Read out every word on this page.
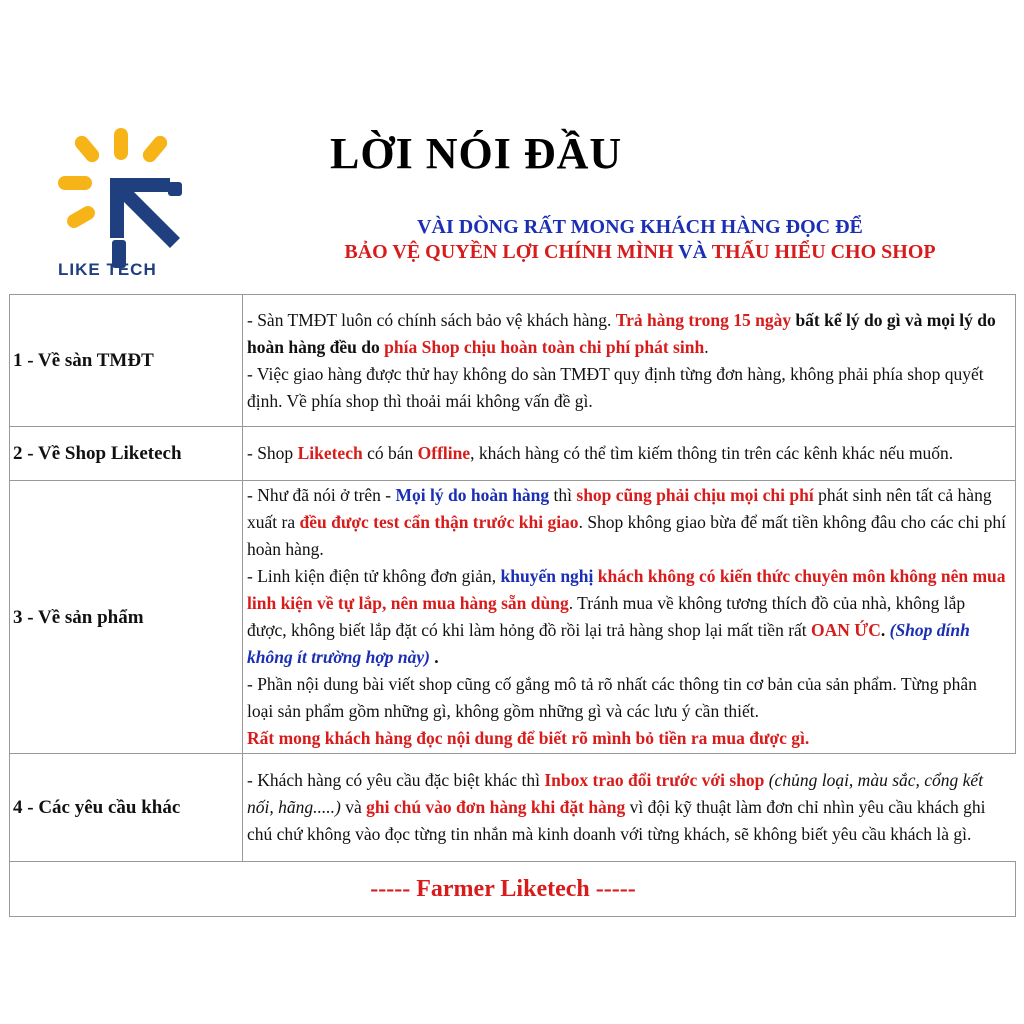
LIKE TECH
LỜI NÓI ĐẦU
VÀI DÒNG RẤT MONG KHÁCH HÀNG ĐỌC ĐỂ
BẢO VỆ QUYỀN LỢI CHÍNH MÌNH VÀ THẤU HIỂU CHO SHOP
1 - Về sàn TMĐT	- Sàn TMĐT luôn có chính sách bảo vệ khách hàng. Trả hàng trong 15 ngày bất kể lý do gì và mọi lý do hoàn hàng đều do phía Shop chịu hoàn toàn chi phí phát sinh.

- Việc giao hàng được thử hay không do sàn TMĐT quy định từng đơn hàng, không phải phía shop quyết định. Về phía shop thì thoải mái không vấn đề gì.

2 - Về Shop Liketech	- Shop Liketech có bán Offline, khách hàng có thể tìm kiếm thông tin trên các kênh khác nếu muốn.

3 - Về sản phẩm	- Như đã nói ở trên - Mọi lý do hoàn hàng thì shop cũng phải chịu mọi chi phí phát sinh nên tất cả hàng xuất ra đều được test cẩn thận trước khi giao. Shop không giao bừa để mất tiền không đâu cho các chi phí hoàn hàng.

- Linh kiện điện tử không đơn giản, khuyến nghị khách không có kiến thức chuyên môn không nên mua linh kiện về tự lắp, nên mua hàng sẵn dùng. Tránh mua về không tương thích đồ của nhà, không lắp được, không biết lắp đặt có khi làm hỏng đồ rồi lại trả hàng shop lại mất tiền rất OAN ỨC. (Shop dính không ít trường hợp này) .

- Phần nội dung bài viết shop cũng cố gắng mô tả rõ nhất các thông tin cơ bản của sản phẩm. Từng phân loại sản phẩm gồm những gì, không gồm những gì và các lưu ý cần thiết.

Rất mong khách hàng đọc nội dung để biết rõ mình bỏ tiền ra mua được gì.

4 - Các yêu cầu khác	- Khách hàng có yêu cầu đặc biệt khác thì Inbox trao đổi trước với shop (chủng loại, màu sắc, cổng kết nối, hãng.....) và ghi chú vào đơn hàng khi đặt hàng vì đội kỹ thuật làm đơn chỉ nhìn yêu cầu khách ghi chú chứ không vào đọc từng tin nhắn mà kinh doanh với từng khách, sẽ không biết yêu cầu khách là gì.

----- Farmer Liketech -----	
